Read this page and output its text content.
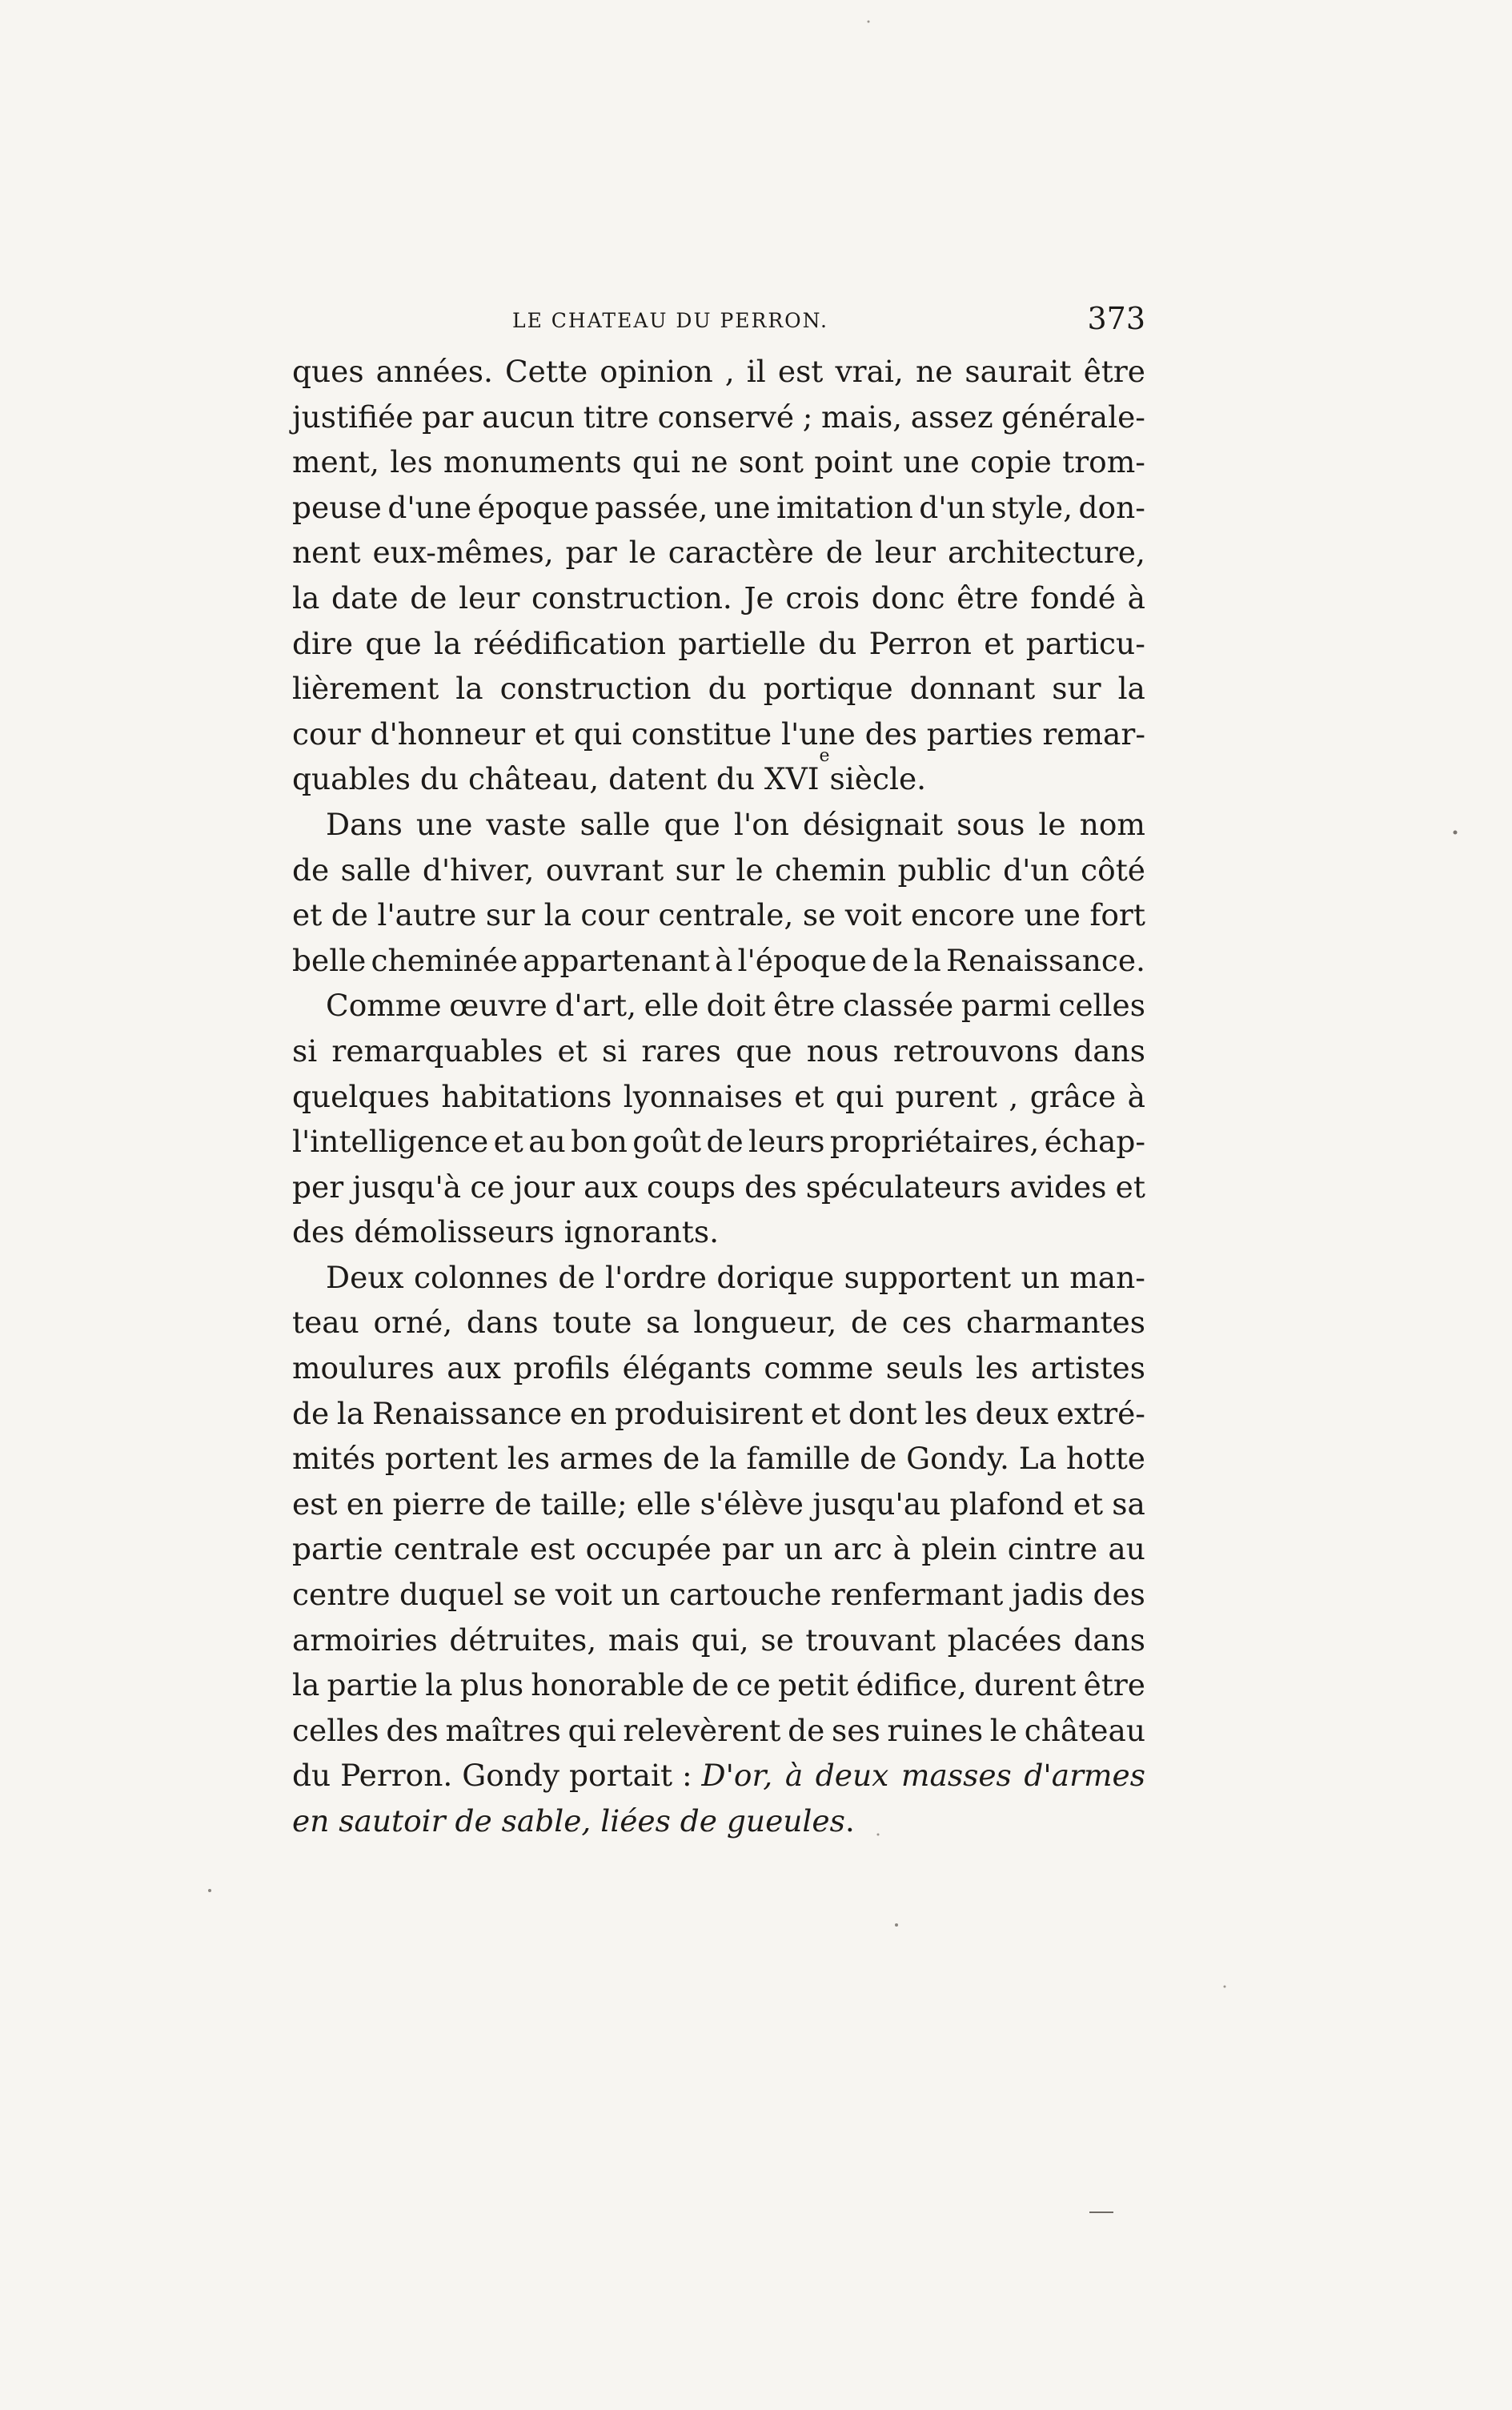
LE CHATEAU DU PERRON.	373
ques années. Cette opinion , il est vrai, ne saurait être
justifiée par aucun titre conservé ; mais, assez générale-
ment, les monuments qui ne sont point une copie trom-
peuse d'une époque passée, une imitation d'un style, don-
nent eux-mêmes, par le caractère de leur architecture,
la date de leur construction. Je crois donc être fondé à
dire que la réédification partielle du Perron et particu-
lièrement la construction du portique donnant sur la
cour d'honneur et qui constitue l'une des parties remar-
quables du château, datent du XVI
e
siècle.
Dans une vaste salle que l'on désignait sous le nom
de salle d'hiver, ouvrant sur le chemin public d'un côté
et de l'autre sur la cour centrale, se voit encore une fort
belle cheminée appartenant à l'époque de la Renaissance.
Comme œuvre d'art, elle doit être classée parmi celles
si remarquables et si rares que nous retrouvons dans
quelques habitations lyonnaises et qui purent , grâce à
l'intelligence et au bon goût de leurs propriétaires, échap-
per jusqu'à ce jour aux coups des spéculateurs avides et
des démolisseurs ignorants.
Deux colonnes de l'ordre dorique supportent un man-
teau orné, dans toute sa longueur, de ces charmantes
moulures aux profils élégants comme seuls les artistes
de la Renaissance en produisirent et dont les deux extré-
mités portent les armes de la famille de Gondy. La hotte
est en pierre de taille; elle s'élève jusqu'au plafond et sa
partie centrale est occupée par un arc à plein cintre au
centre duquel se voit un cartouche renfermant jadis des
armoiries détruites, mais qui, se trouvant placées dans
la partie la plus honorable de ce petit édifice, durent être
celles des maîtres qui relevèrent de ses ruines le château
du Perron. Gondy portait : D'or, à deux masses d'armes
en sautoir de sable, liées de gueules .
